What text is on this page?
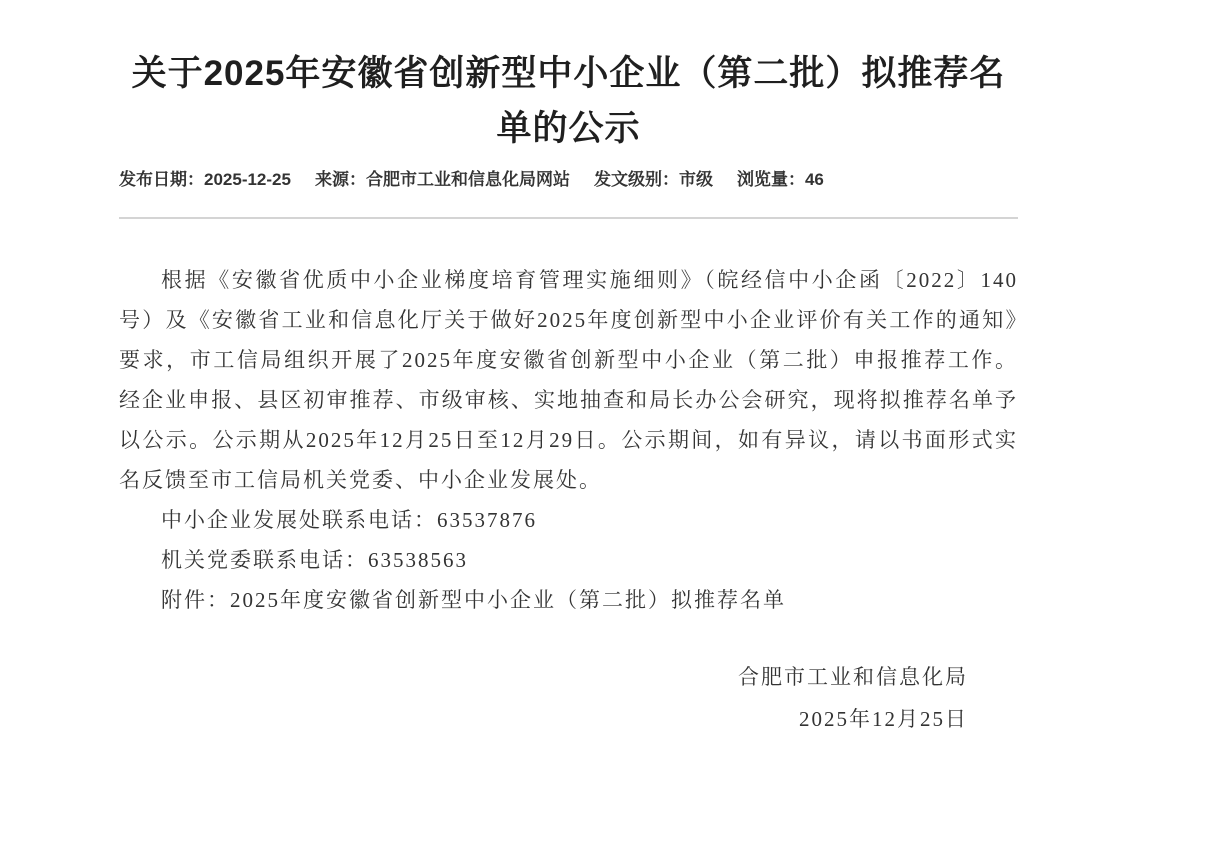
关于2025年安徽省创新型中小企业（第二批）拟推荐名单的公示
发布日期： 2025-12-25 来源： 合肥市工业和信息化局网站 发文级别： 市级 浏览量： 46

根据《安徽省优质中小企业梯度培育管理实施细则》（皖经信中小企函〔2022〕140号）及《安徽省工业和信息化厅关于做好2025年度创新型中小企业评价有关工作的通知》要求，市工信局组织开展了2025年度安徽省创新型中小企业（第二批）申报推荐工作。经企业申报、县区初审推荐、市级审核、实地抽查和局长办公会研究，现将拟推荐名单予以公示。公示期从2025年12月25日至12月29日。公示期间，如有异议，请以书面形式实名反馈至市工信局机关党委、中小企业发展处。

中小企业发展处联系电话：63537876

机关党委联系电话：63538563

附件：2025年度安徽省创新型中小企业（第二批）拟推荐名单

合肥市工业和信息化局

2025年12月25日
